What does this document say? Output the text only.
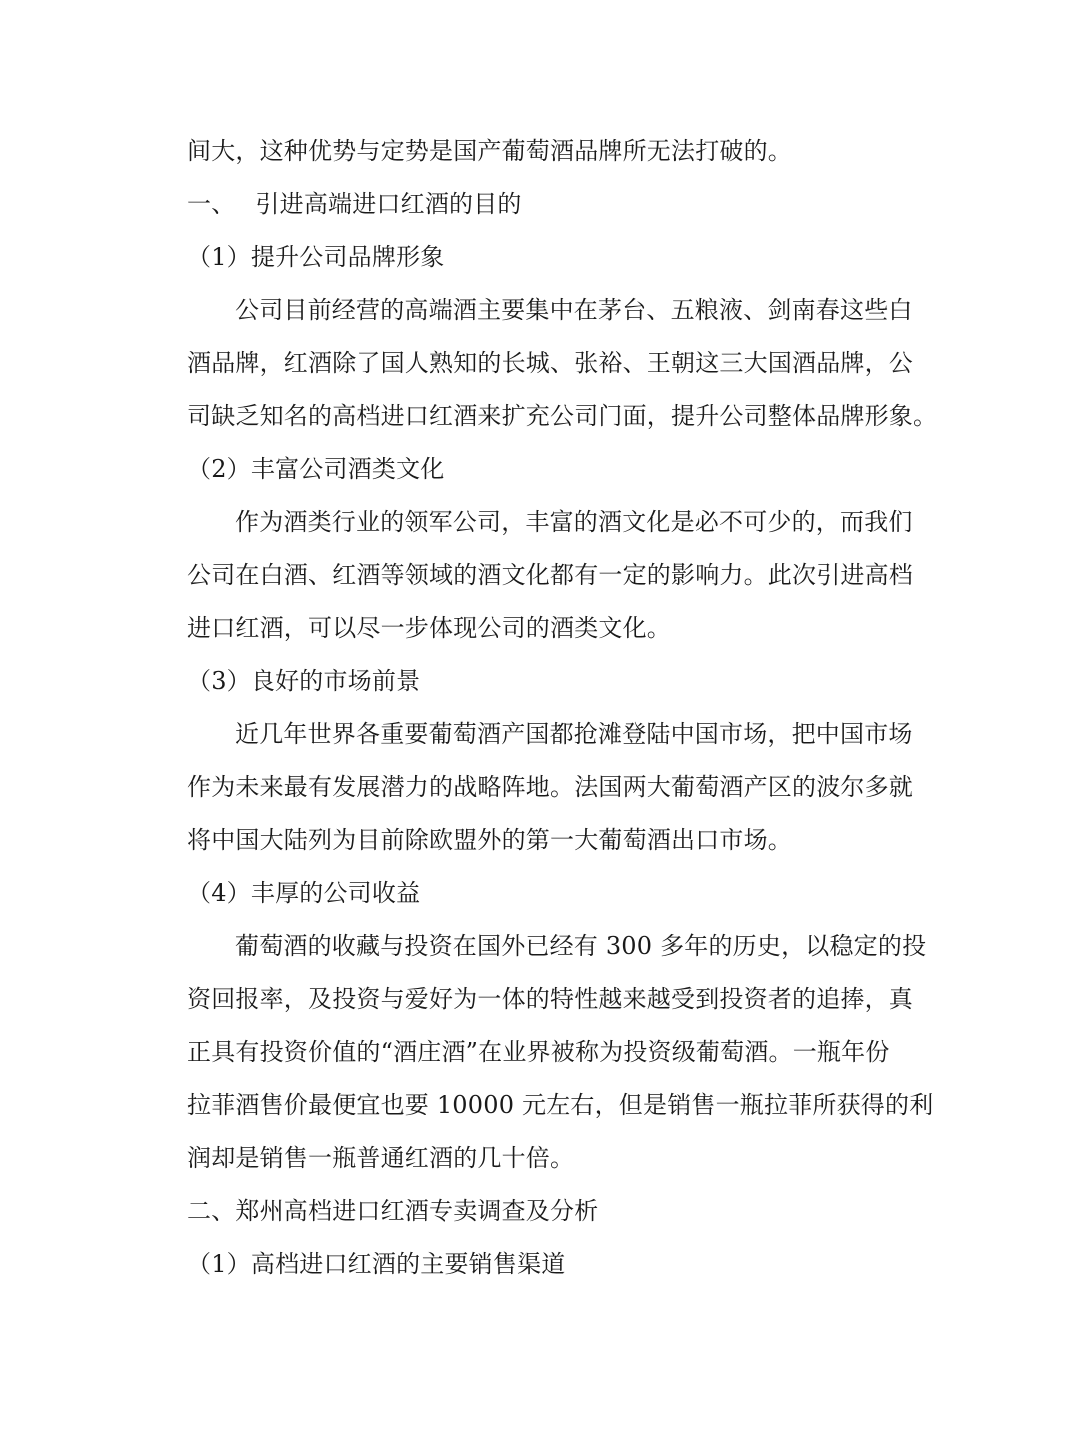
间大，这种优势与定势是国产葡萄酒品牌所无法打破的。
一、　 引进高端进口红酒的目的
（1）提升公司品牌形象
公司目前经营的高端酒主要集中在茅台、五粮液、剑南春这些白
酒品牌，红酒除了国人熟知的长城、张裕、王朝这三大国酒品牌，公
司缺乏知名的高档进口红酒来扩充公司门面，提升公司整体品牌形象。
（2）丰富公司酒类文化
作为酒类行业的领军公司，丰富的酒文化是必不可少的，而我们
公司在白酒、红酒等领域的酒文化都有一定的影响力。此次引进高档
进口红酒，可以尽一步体现公司的酒类文化。
（3）良好的市场前景
近几年世界各重要葡萄酒产国都抢滩登陆中国市场，把中国市场
作为未来最有发展潜力的战略阵地。法国两大葡萄酒产区的波尔多就
将中国大陆列为目前除欧盟外的第一大葡萄酒出口市场。
（4）丰厚的公司收益
葡萄酒的收藏与投资在国外已经有 300 多年的历史，以稳定的投
资回报率，及投资与爱好为一体的特性越来越受到投资者的追捧，真
正具有投资价值的“酒庄酒”在业界被称为投资级葡萄酒。一瓶年份
拉菲酒售价最便宜也要 10000 元左右，但是销售一瓶拉菲所获得的利
润却是销售一瓶普通红酒的几十倍。
二、郑州高档进口红酒专卖调查及分析
（1）高档进口红酒的主要销售渠道
